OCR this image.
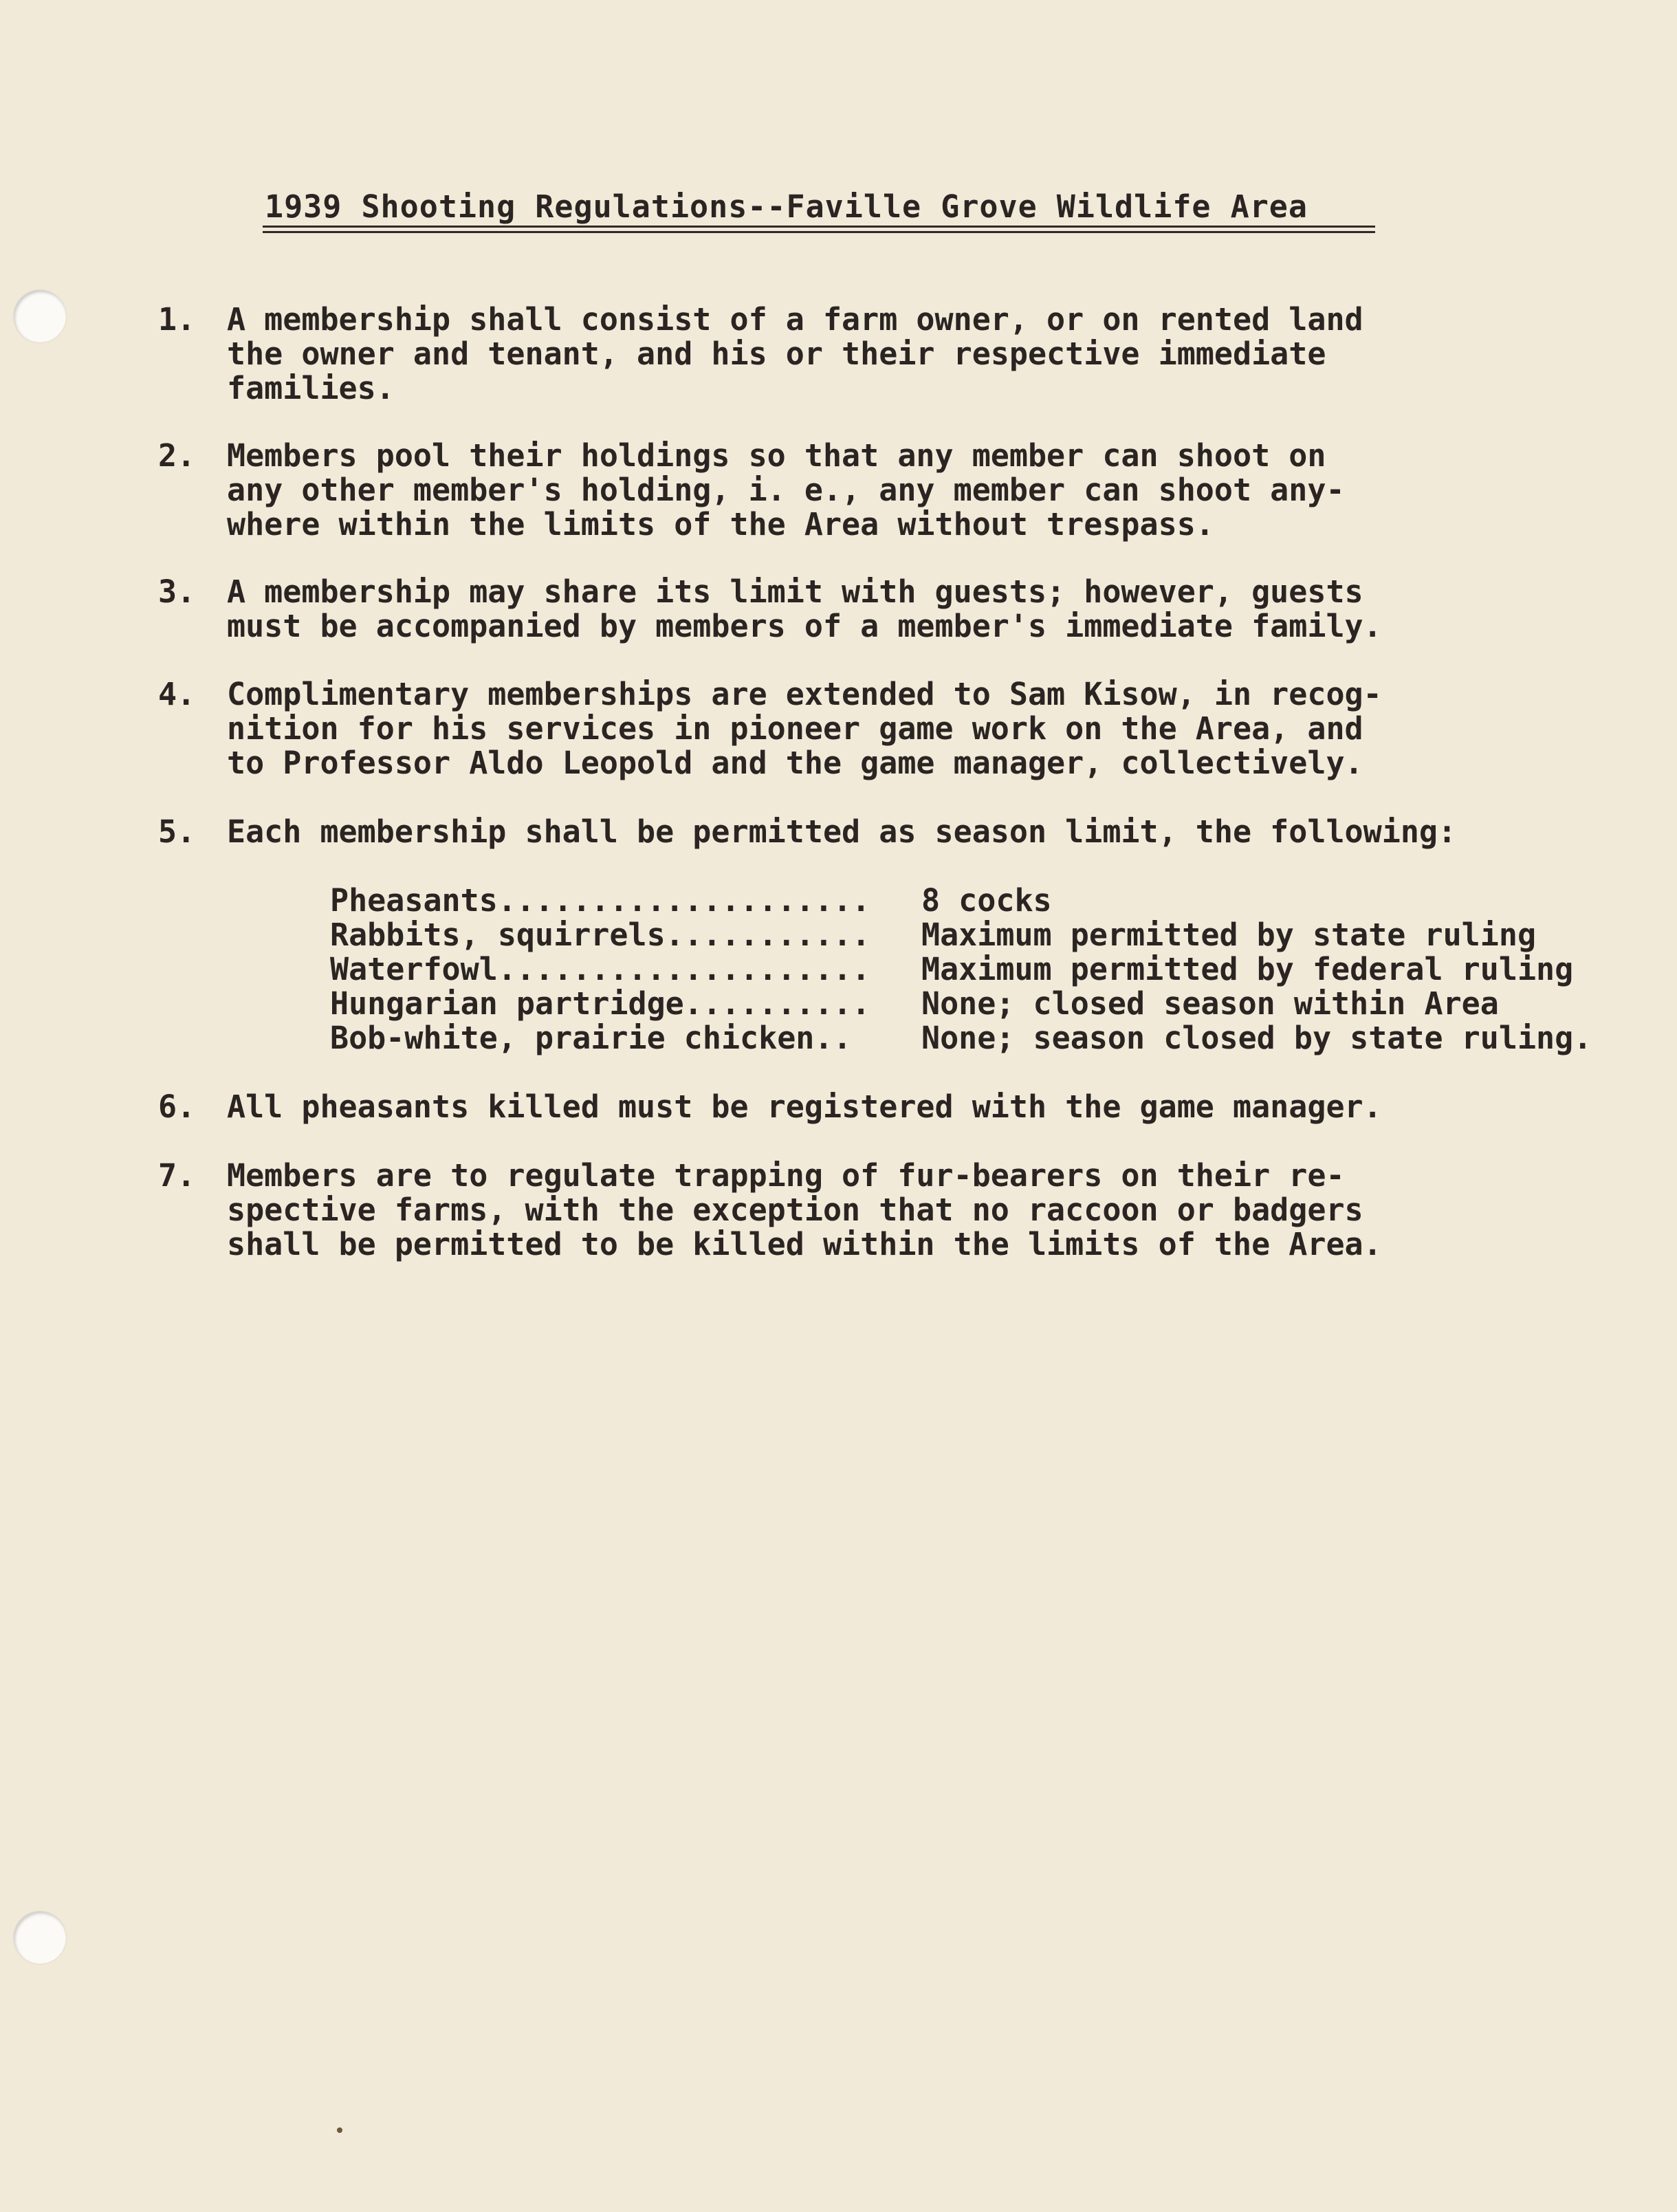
1939 Shooting Regulations--Faville Grove Wildlife Area
1.	A membership shall consist of a farm owner, or on rented land
the owner and tenant, and his or their respective immediate
families.
2.	Members pool their holdings so that any member can shoot on
any other member's holding, i. e., any member can shoot any-
where within the limits of the Area without trespass.
3.	A membership may share its limit with guests; however, guests
must be accompanied by members of a member's immediate family.
4.	Complimentary memberships are extended to Sam Kisow, in recog-
nition for his services in pioneer game work on the Area, and
to Professor Aldo Leopold and the game manager, collectively.
5.	Each membership shall be permitted as season limit, the following:
Pheasants....................	8 cocks
Rabbits, squirrels...........	Maximum permitted by state ruling
Waterfowl....................	Maximum permitted by federal ruling
Hungarian partridge..........	None; closed season within Area
Bob-white, prairie chicken..	None; season closed by state ruling.
6.	All pheasants killed must be registered with the game manager.
7.	Members are to regulate trapping of fur-bearers on their re-
spective farms, with the exception that no raccoon or badgers
shall be permitted to be killed within the limits of the Area.
